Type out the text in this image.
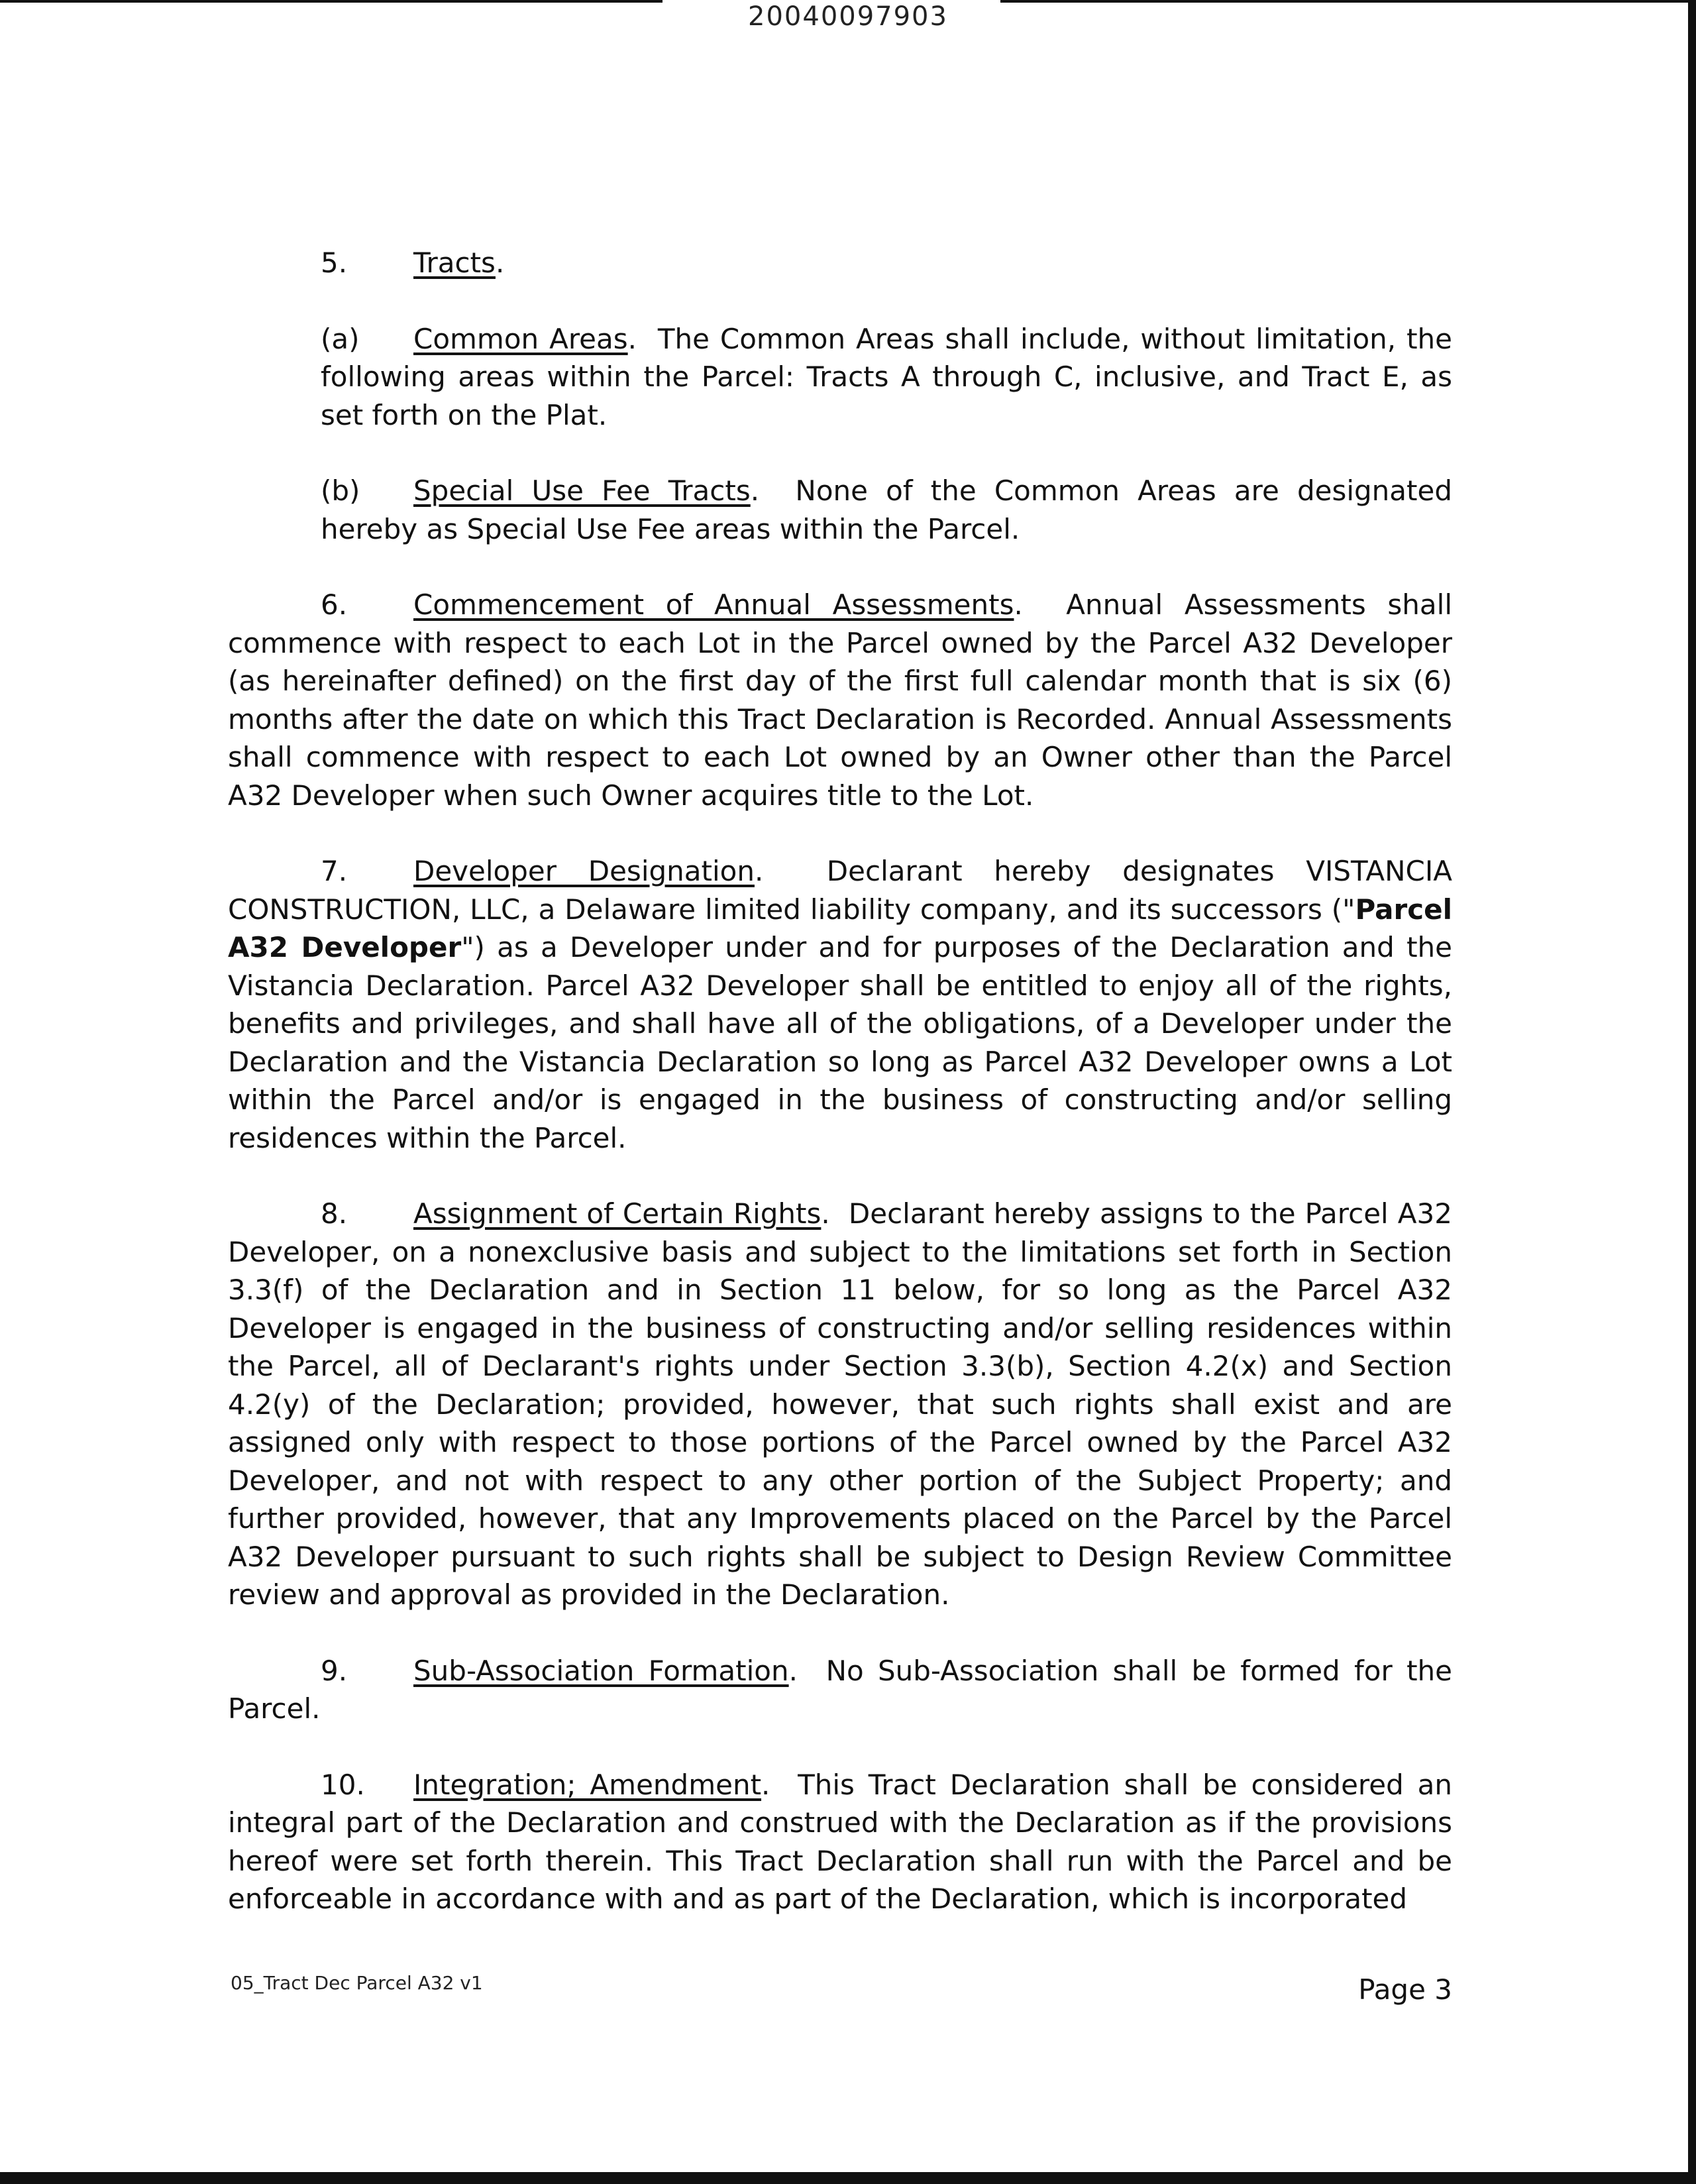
20040097903

5. Tracts.

(a) Common Areas.  The Common Areas shall include, without limitation, the following areas within the Parcel: Tracts A through C, inclusive, and Tract E, as set forth on the Plat.

(b) Special Use Fee Tracts.  None of the Common Areas are designated hereby as Special Use Fee areas within the Parcel.

6. Commencement of Annual Assessments.  Annual Assessments shall commence with respect to each Lot in the Parcel owned by the Parcel A32 Developer (as hereinafter defined) on the first day of the first full calendar month that is six (6) months after the date on which this Tract Declaration is Recorded. Annual Assessments shall commence with respect to each Lot owned by an Owner other than the Parcel A32 Developer when such Owner acquires title to the Lot.

7. Developer Designation.  Declarant hereby designates VISTANCIA CONSTRUCTION, LLC, a Delaware limited liability company, and its successors ("Parcel A32 Developer") as a Developer under and for purposes of the Declaration and the Vistancia Declaration. Parcel A32 Developer shall be entitled to enjoy all of the rights, benefits and privileges, and shall have all of the obligations, of a Developer under the Declaration and the Vistancia Declaration so long as Parcel A32 Developer owns a Lot within the Parcel and/or is engaged in the business of constructing and/or selling residences within the Parcel.

8. Assignment of Certain Rights.  Declarant hereby assigns to the Parcel A32 Developer, on a nonexclusive basis and subject to the limitations set forth in Section 3.3(f) of the Declaration and in Section 11 below, for so long as the Parcel A32 Developer is engaged in the business of constructing and/or selling residences within the Parcel, all of Declarant's rights under Section 3.3(b), Section 4.2(x) and Section 4.2(y) of the Declaration; provided, however, that such rights shall exist and are assigned only with respect to those portions of the Parcel owned by the Parcel A32 Developer, and not with respect to any other portion of the Subject Property; and further provided, however, that any Improvements placed on the Parcel by the Parcel A32 Developer pursuant to such rights shall be subject to Design Review Committee review and approval as provided in the Declaration.

9. Sub-Association Formation.  No Sub-Association shall be formed for the Parcel.

10. Integration; Amendment.  This Tract Declaration shall be considered an integral part of the Declaration and construed with the Declaration as if the provisions hereof were set forth therein. This Tract Declaration shall run with the Parcel and be enforceable in accordance with and as part of the Declaration, which is incorporated

05_Tract Dec Parcel A32 v1	Page 3
